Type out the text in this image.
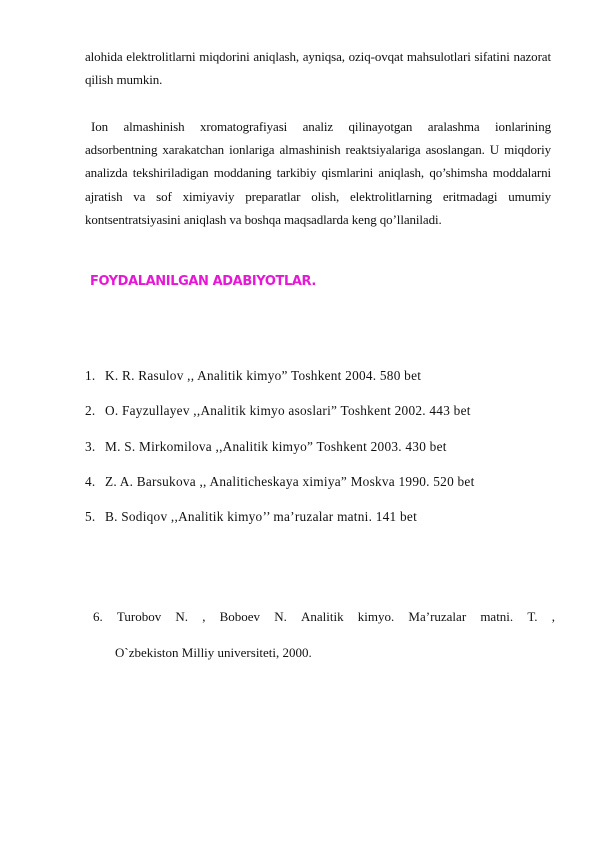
alohida elektrolitlarni miqdorini aniqlash, ayniqsa, oziq-ovqat mahsulotlari sifatini nazorat qilish mumkin.

Ion almashinish xromatografiyasi analiz qilinayotgan aralashma ionlarining adsorbentning xarakatchan ionlariga almashinish reaktsiyalariga asoslangan. U miqdoriy analizda tekshiriladigan moddaning tarkibiy qismlarini aniqlash, qo’shimsha moddalarni ajratish va sof ximiyaviy preparatlar olish, elektrolitlarning eritmadagi umumiy kontsentratsiyasini aniqlash va boshqa maqsadlarda keng qo’llaniladi.

FOYDALANILGAN ADABIYOTLAR.
1. K. R. Rasulov ,, Analitik kimyo” Toshkent 2004. 580 bet
2. O. Fayzullayev ,,Analitik kimyo asoslari” Toshkent 2002. 443 bet
3. M. S. Mirkomilova ,,Analitik kimyo” Toshkent 2003. 430 bet
4. Z. A. Barsukova ,, Analiticheskaya ximiya” Moskva 1990. 520 bet
5. B. Sodiqov ,,Analitik kimyo’’ ma’ruzalar matni. 141 bet
6. Turobov N. , Boboev N. Analitik kimyo. Ma’ruzalar matni. T. ,
O`zbekiston Milliy universiteti, 2000.
